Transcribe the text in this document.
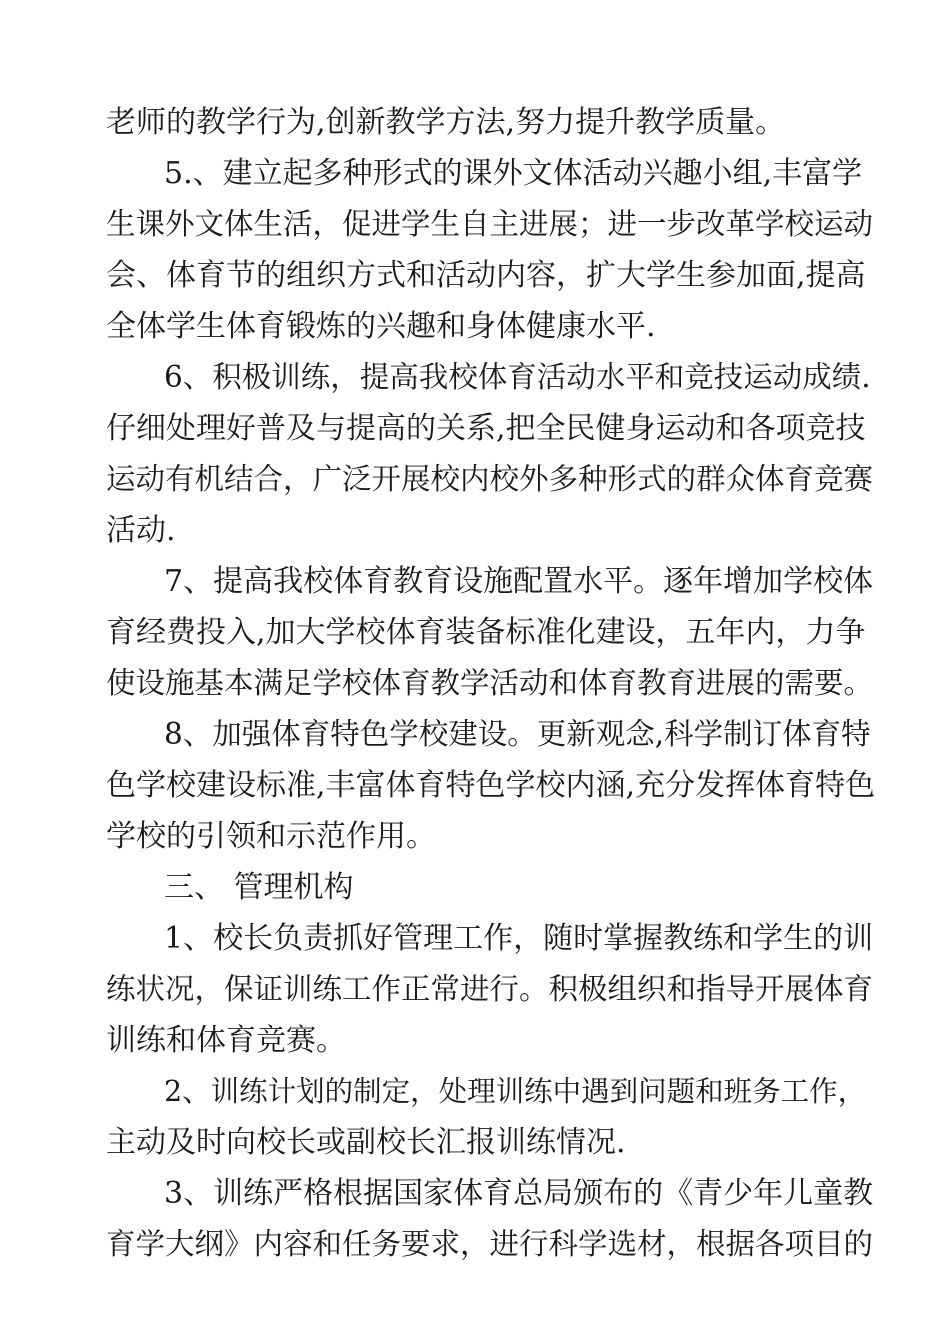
老师的教学行为,创新教学方法,努力提升教学质量。
5.、建立起多种形式的课外文体活动兴趣小组,丰富学
生课外文体生活，促进学生自主进展；进一步改革学校运动
会、体育节的组织方式和活动内容，扩大学生参加面,提高
全体学生体育锻炼的兴趣和身体健康水平.
6、积极训练，提高我校体育活动水平和竞技运动成绩.
仔细处理好普及与提高的关系,把全民健身运动和各项竞技
运动有机结合，广泛开展校内校外多种形式的群众体育竞赛
活动.
7、提高我校体育教育设施配置水平。逐年增加学校体
育经费投入,加大学校体育装备标准化建设，五年内，力争
使设施基本满足学校体育教学活动和体育教育进展的需要。
8、加强体育特色学校建设。更新观念,科学制订体育特
色学校建设标准,丰富体育特色学校内涵,充分发挥体育特色
学校的引领和示范作用。
三、 管理机构
1、校长负责抓好管理工作，随时掌握教练和学生的训
练状况，保证训练工作正常进行。积极组织和指导开展体育
训练和体育竞赛。
2、训练计划的制定，处理训练中遇到问题和班务工作，
主动及时向校长或副校长汇报训练情况.
3、训练严格根据国家体育总局颁布的《青少年儿童教
育学大纲》内容和任务要求，进行科学选材，根据各项目的
